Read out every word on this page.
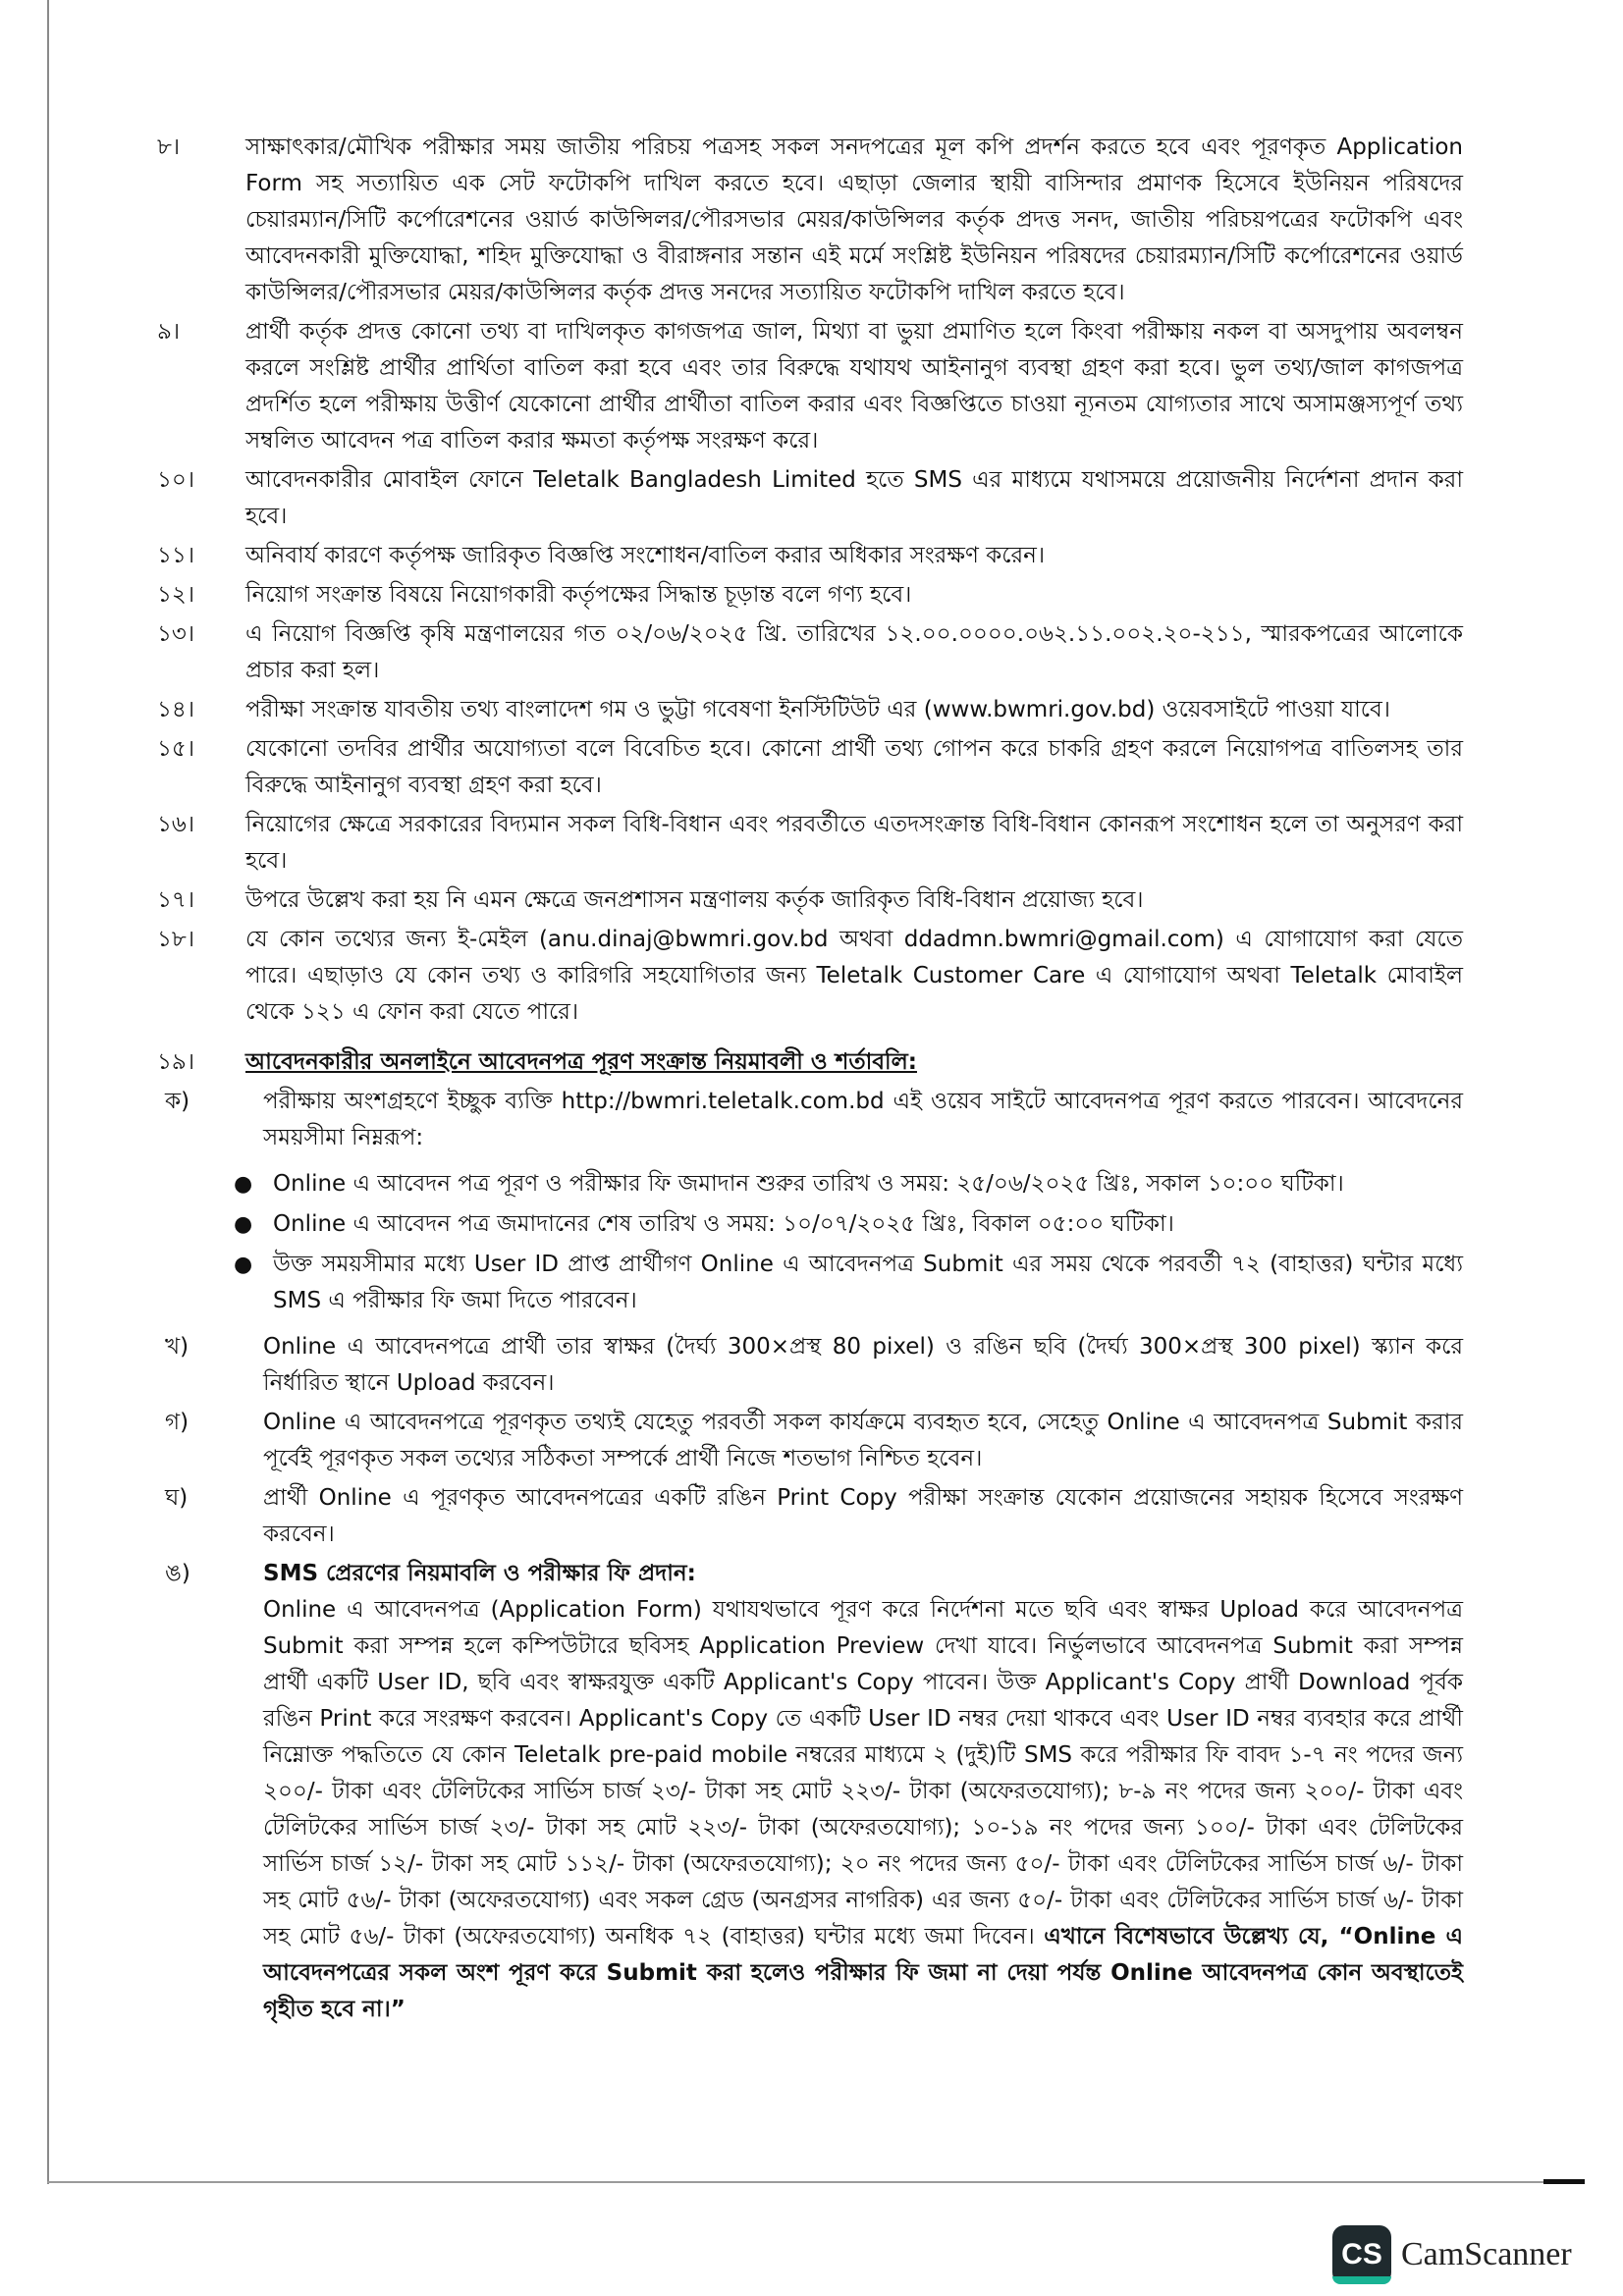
৮।	সাক্ষাৎকার/মৌখিক পরীক্ষার সময় জাতীয় পরিচয় পত্রসহ সকল সনদপত্রের মূল কপি প্রদর্শন করতে হবে এবং পূরণকৃত Application Form সহ সত্যায়িত এক সেট ফটোকপি দাখিল করতে হবে। এছাড়া জেলার স্থায়ী বাসিন্দার প্রমাণক হিসেবে ইউনিয়ন পরিষদের চেয়ারম্যান/সিটি কর্পোরেশনের ওয়ার্ড কাউন্সিলর/পৌরসভার মেয়র/কাউন্সিলর কর্তৃক প্রদত্ত সনদ, জাতীয় পরিচয়পত্রের ফটোকপি এবং আবেদনকারী মুক্তিযোদ্ধা, শহিদ মুক্তিযোদ্ধা ও বীরাঙ্গনার সন্তান এই মর্মে সংশ্লিষ্ট ইউনিয়ন পরিষদের চেয়ারম্যান/সিটি কর্পোরেশনের ওয়ার্ড কাউন্সিলর/পৌরসভার মেয়র/কাউন্সিলর কর্তৃক প্রদত্ত সনদের সত্যায়িত ফটোকপি দাখিল করতে হবে।
৯।	প্রার্থী কর্তৃক প্রদত্ত কোনো তথ্য বা দাখিলকৃত কাগজপত্র জাল, মিথ্যা বা ভুয়া প্রমাণিত হলে কিংবা পরীক্ষায় নকল বা অসদুপায় অবলম্বন করলে সংশ্লিষ্ট প্রার্থীর প্রার্থিতা বাতিল করা হবে এবং তার বিরুদ্ধে যথাযথ আইনানুগ ব্যবস্থা গ্রহণ করা হবে। ভুল তথ্য/জাল কাগজপত্র প্রদর্শিত হলে পরীক্ষায় উত্তীর্ণ যেকোনো প্রার্থীর প্রার্থীতা বাতিল করার এবং বিজ্ঞপ্তিতে চাওয়া ন্যূনতম যোগ্যতার সাথে অসামঞ্জস্যপূর্ণ তথ্য সম্বলিত আবেদন পত্র বাতিল করার ক্ষমতা কর্তৃপক্ষ সংরক্ষণ করে।
১০।	আবেদনকারীর মোবাইল ফোনে Teletalk Bangladesh Limited হতে SMS এর মাধ্যমে যথাসময়ে প্রয়োজনীয় নির্দেশনা প্রদান করা হবে।
১১।	অনিবার্য কারণে কর্তৃপক্ষ জারিকৃত বিজ্ঞপ্তি সংশোধন/বাতিল করার অধিকার সংরক্ষণ করেন।
১২।	নিয়োগ সংক্রান্ত বিষয়ে নিয়োগকারী কর্তৃপক্ষের সিদ্ধান্ত চূড়ান্ত বলে গণ্য হবে।
১৩।	এ নিয়োগ বিজ্ঞপ্তি কৃষি মন্ত্রণালয়ের গত ০২/০৬/২০২৫ খ্রি. তারিখের ১২.০০.০০০০.০৬২.১১.০০২.২০-২১১, স্মারকপত্রের আলোকে প্রচার করা হল।
১৪।	পরীক্ষা সংক্রান্ত যাবতীয় তথ্য বাংলাদেশ গম ও ভুট্টা গবেষণা ইনস্টিটিউট এর (www.bwmri.gov.bd) ওয়েবসাইটে পাওয়া যাবে।
১৫।	যেকোনো তদবির প্রার্থীর অযোগ্যতা বলে বিবেচিত হবে। কোনো প্রার্থী তথ্য গোপন করে চাকরি গ্রহণ করলে নিয়োগপত্র বাতিলসহ তার বিরুদ্ধে আইনানুগ ব্যবস্থা গ্রহণ করা হবে।
১৬।	নিয়োগের ক্ষেত্রে সরকারের বিদ্যমান সকল বিধি-বিধান এবং পরবর্তীতে এতদসংক্রান্ত বিধি-বিধান কোনরূপ সংশোধন হলে তা অনুসরণ করা হবে।
১৭।	উপরে উল্লেখ করা হয় নি এমন ক্ষেত্রে জনপ্রশাসন মন্ত্রণালয় কর্তৃক জারিকৃত বিধি-বিধান প্রয়োজ্য হবে।
১৮।	যে কোন তথ্যের জন্য ই-মেইল (anu.dinaj@bwmri.gov.bd অথবা ddadmn.bwmri@gmail.com) এ যোগাযোগ করা যেতে পারে। এছাড়াও যে কোন তথ্য ও কারিগরি সহযোগিতার জন্য Teletalk Customer Care এ যোগাযোগ অথবা Teletalk মোবাইল থেকে ১২১ এ ফোন করা যেতে পারে।
১৯।	আবেদনকারীর অনলাইনে আবেদনপত্র পূরণ সংক্রান্ত নিয়মাবলী ও শর্তাবলি:
ক)	পরীক্ষায় অংশগ্রহণে ইচ্ছুক ব্যক্তি http://bwmri.teletalk.com.bd এই ওয়েব সাইটে আবেদনপত্র পূরণ করতে পারবেন। আবেদনের সময়সীমা নিম্নরূপ:
● Online এ আবেদন পত্র পূরণ ও পরীক্ষার ফি জমাদান শুরুর তারিখ ও সময়: ২৫/০৬/২০২৫ খ্রিঃ, সকাল ১০:০০ ঘটিকা।
● Online এ আবেদন পত্র জমাদানের শেষ তারিখ ও সময়: ১০/০৭/২০২৫ খ্রিঃ, বিকাল ০৫:০০ ঘটিকা।
● উক্ত সময়সীমার মধ্যে User ID প্রাপ্ত প্রার্থীগণ Online এ আবেদনপত্র Submit এর সময় থেকে পরবর্তী ৭২ (বাহাত্তর) ঘন্টার মধ্যে SMS এ পরীক্ষার ফি জমা দিতে পারবেন।
খ)	Online এ আবেদনপত্রে প্রার্থী তার স্বাক্ষর (দৈর্ঘ্য 300×প্রস্থ 80 pixel) ও রঙিন ছবি (দৈর্ঘ্য 300×প্রস্থ 300 pixel) স্ক্যান করে নির্ধারিত স্থানে Upload করবেন।
গ)	Online এ আবেদনপত্রে পূরণকৃত তথ্যই যেহেতু পরবর্তী সকল কার্যক্রমে ব্যবহৃত হবে, সেহেতু Online এ আবেদনপত্র Submit করার পূর্বেই পূরণকৃত সকল তথ্যের সঠিকতা সম্পর্কে প্রার্থী নিজে শতভাগ নিশ্চিত হবেন।
ঘ)	প্রার্থী Online এ পূরণকৃত আবেদনপত্রের একটি রঙিন Print Copy পরীক্ষা সংক্রান্ত যেকোন প্রয়োজনের সহায়ক হিসেবে সংরক্ষণ করবেন।
ঙ)	SMS প্রেরণের নিয়মাবলি ও পরীক্ষার ফি প্রদান:
Online এ আবেদনপত্র (Application Form) যথাযথভাবে পূরণ করে নির্দেশনা মতে ছবি এবং স্বাক্ষর Upload করে আবেদনপত্র Submit করা সম্পন্ন হলে কম্পিউটারে ছবিসহ Application Preview দেখা যাবে। নির্ভুলভাবে আবেদনপত্র Submit করা সম্পন্ন প্রার্থী একটি User ID, ছবি এবং স্বাক্ষরযুক্ত একটি Applicant's Copy পাবেন। উক্ত Applicant's Copy প্রার্থী Download পূর্বক রঙিন Print করে সংরক্ষণ করবেন। Applicant's Copy তে একটি User ID নম্বর দেয়া থাকবে এবং User ID নম্বর ব্যবহার করে প্রার্থী নিম্নোক্ত পদ্ধতিতে যে কোন Teletalk pre-paid mobile নম্বরের মাধ্যমে ২ (দুই)টি SMS করে পরীক্ষার ফি বাবদ ১-৭ নং পদের জন্য ২০০/- টাকা এবং টেলিটকের সার্ভিস চার্জ ২৩/- টাকা সহ মোট ২২৩/- টাকা (অফেরতযোগ্য); ৮-৯ নং পদের জন্য ২০০/- টাকা এবং টেলিটকের সার্ভিস চার্জ ২৩/- টাকা সহ মোট ২২৩/- টাকা (অফেরতযোগ্য); ১০-১৯ নং পদের জন্য ১০০/- টাকা এবং টেলিটকের সার্ভিস চার্জ ১২/- টাকা সহ মোট ১১২/- টাকা (অফেরতযোগ্য); ২০ নং পদের জন্য ৫০/- টাকা এবং টেলিটকের সার্ভিস চার্জ ৬/- টাকা সহ মোট ৫৬/- টাকা (অফেরতযোগ্য) এবং সকল গ্রেড (অনগ্রসর নাগরিক) এর জন্য ৫০/- টাকা এবং টেলিটকের সার্ভিস চার্জ ৬/- টাকা সহ মোট ৫৬/- টাকা (অফেরতযোগ্য) অনধিক ৭২ (বাহাত্তর) ঘন্টার মধ্যে জমা দিবেন। এখানে বিশেষভাবে উল্লেখ্য যে, “Online এ আবেদনপত্রের সকল অংশ পূরণ করে Submit করা হলেও পরীক্ষার ফি জমা না দেয়া পর্যন্ত Online আবেদনপত্র কোন অবস্থাতেই গৃহীত হবে না।”
CS CamScanner
